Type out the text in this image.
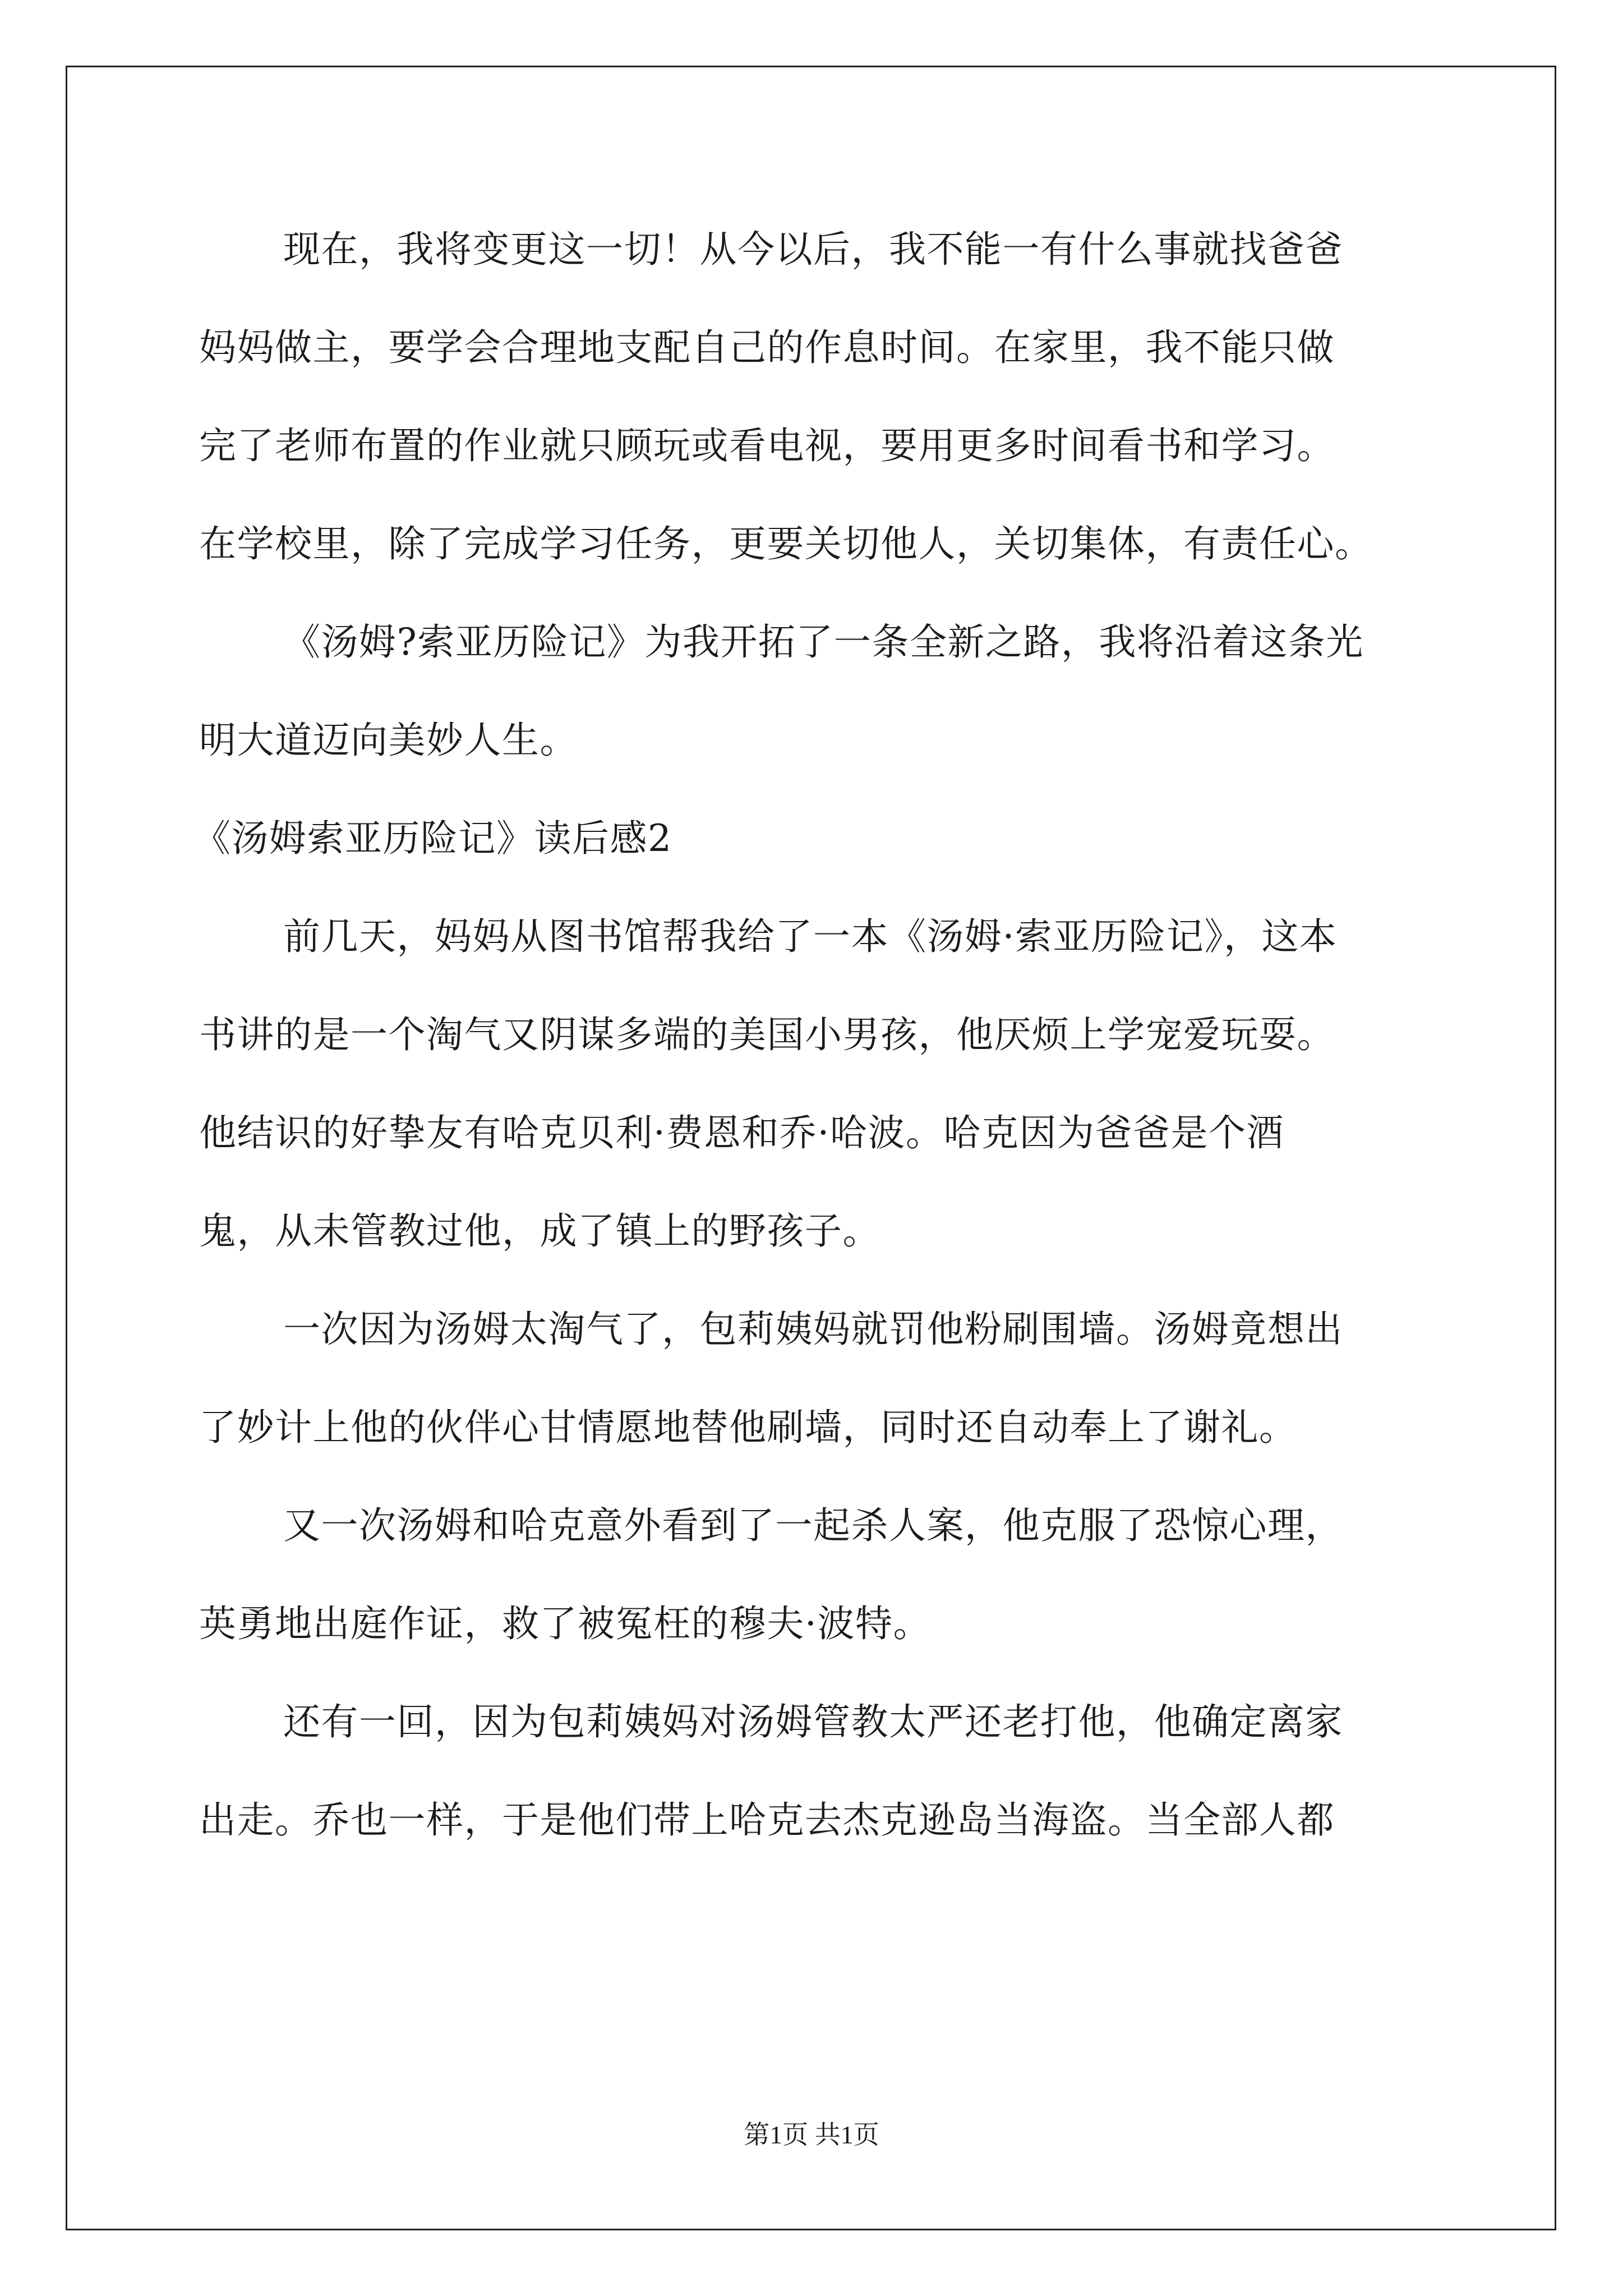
现在，我将变更这一切！从今以后，我不能一有什么事就找爸爸
妈妈做主，要学会合理地支配自己的作息时间。在家里，我不能只做
完了老师布置的作业就只顾玩或看电视，要用更多时间看书和学习。
在学校里，除了完成学习任务，更要关切他人，关切集体，有责任心。
《汤姆?索亚历险记》为我开拓了一条全新之路，我将沿着这条光
明大道迈向美妙人生。
《汤姆索亚历险记》读后感2
前几天，妈妈从图书馆帮我给了一本《汤姆·索亚历险记》，这本
书讲的是一个淘气又阴谋多端的美国小男孩，他厌烦上学宠爱玩耍。
他结识的好挚友有哈克贝利·费恩和乔·哈波。哈克因为爸爸是个酒
鬼，从未管教过他，成了镇上的野孩子。
一次因为汤姆太淘气了，包莉姨妈就罚他粉刷围墙。汤姆竟想出
了妙计上他的伙伴心甘情愿地替他刷墙，同时还自动奉上了谢礼。
又一次汤姆和哈克意外看到了一起杀人案，他克服了恐惊心理，
英勇地出庭作证，救了被冤枉的穆夫·波特。
还有一回，因为包莉姨妈对汤姆管教太严还老打他，他确定离家
出走。乔也一样，于是他们带上哈克去杰克逊岛当海盗。当全部人都
第1页 共1页
